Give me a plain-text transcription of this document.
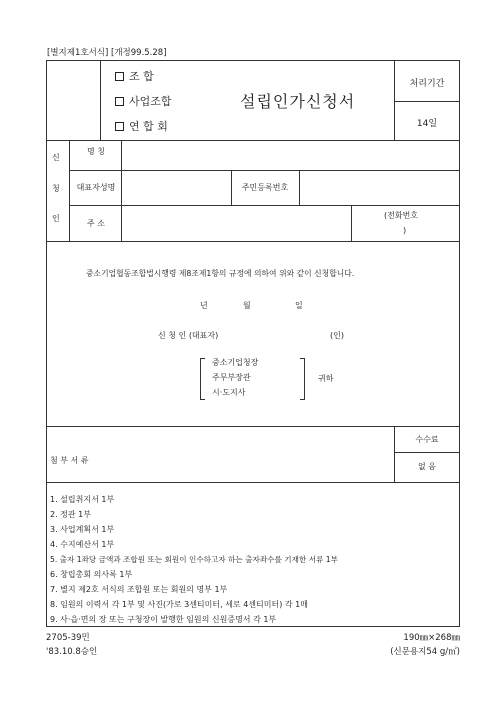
[별지제1호서식] [개정99.5.28]
조 합
사업조합
연 합 회
설립인가신청서
처리기간
14일
신
청
인
명 칭
대표자성명	주민등록번호
주 소
(전화번호
)
중소기업협동조합법시행령 제8조제1항의 규정에 의하여 위와 같이 신청합니다.
년	월	일
신 청 인 (대표자)	(인)
중소기업청장
주무부장관
시·도지사
귀하
첨 부 서 류
수수료
없 음
1. 설립취지서 1부
2. 정관 1부
3. 사업계획서 1부
4. 수지예산서 1부
5. 출자 1좌당 금액과 조합원 또는 회원이 인수하고자 하는 출자좌수를 기재한 서류 1부
6. 창립총회 의사록 1부
7. 별지 제2호 서식의 조합원 또는 회원의 명부 1부
8. 임원의 이력서 각 1부 및 사진(가로 3센티미터, 세로 4센티미터) 각 1매
9. 사·읍·면의 장 또는 구청장이 발행한 임원의 신원증명서 각 1부
2705-39민
'83.10.8승인
190㎜×268㎜
(신문용지54 g/㎡)
